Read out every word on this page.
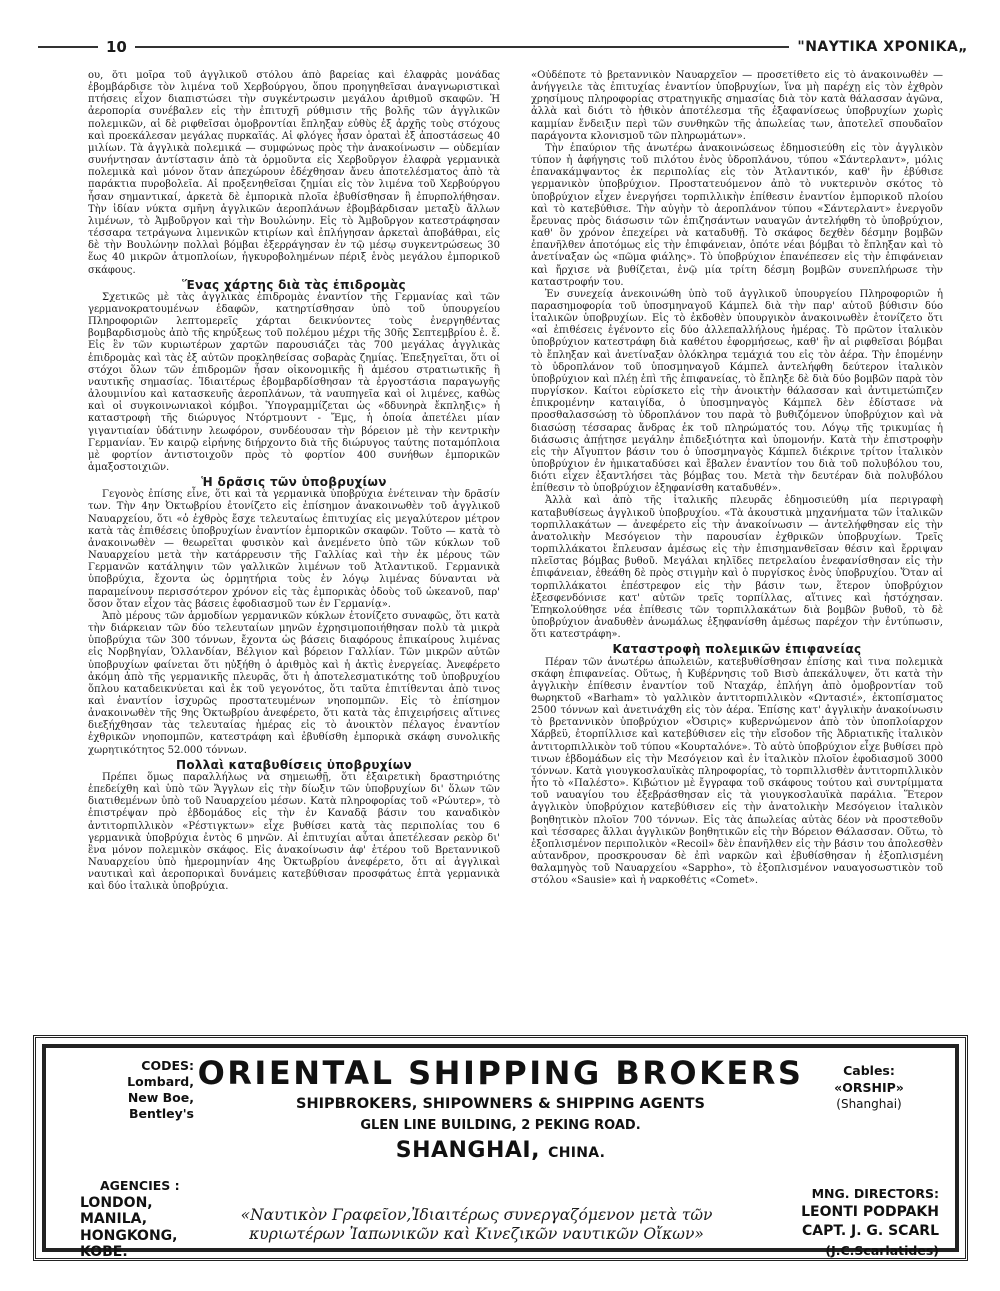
10	"ΝΑΥΤΙΚΑ ΧΡΟΝΙΚΑ„

ου, ὅτι μοῖρα τοῦ ἀγγλικοῦ στόλου ἀπὸ βαρείας καὶ ἐλαφρὰς μονάδας ἐβομβάρδισε τὸν λιμένα τοῦ Χερβούργου, ὅπου προηγηθεῖσαι ἀναγνωριστικαὶ πτήσεις εἶχον διαπιστώσει τὴν συγκέντρωσιν μεγάλου ἀριθμοῦ σκαφῶν. Ἡ ἀεροπορία συνέβαλεν εἰς τὴν ἐπιτυχῆ ρύθμισιν τῆς βολῆς τῶν ἀγγλικῶν πολεμικῶν, αἱ δὲ ριφθεῖσαι ὀμοβροντίαι ἔπληξαν εὐθὺς ἐξ ἀρχῆς τοὺς στόχους καὶ προεκάλεσαν μεγάλας πυρκαϊάς. Αἱ φλόγες ἦσαν ὁραταὶ ἐξ ἀποστάσεως 40 μιλίων. Τὰ ἀγγλικὰ πολεμικά — συμφώνως πρὸς τὴν ἀνακοίνωσιν — οὐδεμίαν συνήντησαν ἀντίστασιν ἀπὸ τὰ ὁρμοῦντα εἰς Χερβοῦργον ἐλαφρὰ γερμανικὰ πολεμικὰ καὶ μόνον ὅταν ἀπεχώρουν ἐδέχθησαν ἄνευ ἀποτελέσματος ἀπὸ τὰ παράκτια πυροβολεῖα. Αἱ προξενηθεῖσαι ζημίαι εἰς τὸν λιμένα τοῦ Χερβούργου ἦσαν σημαντικαί, ἀρκετὰ δὲ ἐμπορικὰ πλοῖα ἐβυθίσθησαν ἢ ἐπυρπολήθησαν. Τὴν ἰδίαν νύκτα σμῆνη ἀγγλικῶν ἀεροπλάνων ἐβομβάρδισαν μεταξὺ ἄλλων λιμένων, τὸ Ἀμβοῦργον καὶ τὴν Βουλώνην. Εἰς τὸ Ἀμβοῦργον κατεστράφησαν τέσσαρα τετράγωνα λιμενικῶν κτιρίων καὶ ἐπλήγησαν ἀρκεταὶ ἀποβάθραι, εἰς δὲ τὴν Βουλώνην πολλαὶ βόμβαι ἐξερράγησαν ἐν τῷ μέσῳ συγκεντρώσεως 30 ἕως 40 μικρῶν ἀτμοπλοίων, ἠγκυροβολημένων πέριξ ἑνὸς μεγάλου ἐμπορικοῦ σκάφους.

Ἕνας χάρτης διὰ τὰς ἐπιδρομὰς

Σχετικῶς μὲ τὰς ἀγγλικὰς ἐπιδρομὰς ἐναντίον τῆς Γερμανίας καὶ τῶν γερμανοκρατουμένων ἐδαφῶν, κατηρτίσθησαν ὑπὸ τοῦ ὑπουργείου Πληροφοριῶν λεπτομερεῖς χάρται δεικνύοντες τοὺς ἐνεργηθέντας βομβαρδισμοὺς ἀπὸ τῆς κηρύξεως τοῦ πολέμου μέχρι τῆς 30ῆς Σεπτεμβρίου ἐ. ἔ. Εἰς ἓν τῶν κυριωτέρων χαρτῶν παρουσιάζει τὰς 700 μεγάλας ἀγγλικὰς ἐπιδρομὰς καὶ τὰς ἐξ αὐτῶν προκληθείσας σοβαρὰς ζημίας. Ἐπεξηγεῖται, ὅτι οἱ στόχοι ὅλων τῶν ἐπιδρομῶν ἦσαν οἰκονομικῆς ἢ ἀμέσου στρατιωτικῆς ἢ ναυτικῆς σημασίας. Ἰδιαιτέρως ἐβομβαρδίσθησαν τὰ ἐργοστάσια παραγωγῆς ἀλουμινίου καὶ κατασκευῆς ἀεροπλάνων, τὰ ναυπηγεῖα καὶ οἱ λιμένες, καθὼς καὶ οἱ συγκοινωνιακοὶ κόμβοι. Ὑπογραμμίζεται ὡς «δδυνηρὰ ἔκπληξις» ἡ καταστροφὴ τῆς διώρυγος Ντόρτμουντ - Ἔμς, ἡ ὁποία ἀπετέλει μίαν γιγαντιαίαν ὑδάτινην λεωφόρον, συνδέουσαν τὴν βόρειον μὲ τὴν κεντρικὴν Γερμανίαν. Ἐν καιρῷ εἰρήνης διήρχοντο διὰ τῆς διώρυγος ταύτης ποταμόπλοια μὲ φορτίον ἀντιστοιχοῦν πρὸς τὸ φορτίον 400 συνήθων ἐμπορικῶν ἁμαξοστοιχιῶν.

Ἡ δρᾶσις τῶν ὑποβρυχίων

Γεγονὸς ἐπίσης εἶνε, ὅτι καὶ τὰ γερμανικὰ ὑποβρύχια ἐνέτειναν τὴν δρᾶσίν των. Τὴν 4ην Ὀκτωβρίου ἐτονίζετο εἰς ἐπίσημον ἀνακοινωθὲν τοῦ ἀγγλικοῦ Ναυαρχείου, ὅτι «ὁ ἐχθρὸς ἔσχε τελευταίως ἐπιτυχίας εἰς μεγαλύτερον μέτρον κατὰ τὰς ἐπιθέσεις ὑποβρυχίων ἐναντίον ἐμπορικῶν σκαφῶν. Τοῦτο — κατὰ τὸ ἀνακοινωθὲν — θεωρεῖται φυσικὸν καὶ ἀνεμένετο ὑπὸ τῶν κύκλων τοῦ Ναυαρχείου μετὰ τὴν κατάρρευσιν τῆς Γαλλίας καὶ τὴν ἐκ μέρους τῶν Γερμανῶν κατάληψιν τῶν γαλλικῶν λιμένων τοῦ Ἀτλαντικοῦ. Γερμανικὰ ὑποβρύχια, ἔχοντα ὡς ὁρμητήρια τοὺς ἐν λόγῳ λιμένας δύνανται νὰ παραμείνουν περισσότερον χρόνον εἰς τὰς ἐμπορικὰς ὁδοὺς τοῦ ὠκεανοῦ, παρ' ὅσον ὅταν εἶχον τὰς βάσεις ἐφοδιασμοῦ των ἐν Γερμανίᾳ».

Ἀπὸ μέρους τῶν ἁρμοδίων γερμανικῶν κύκλων ἐτονίζετο συναφῶς, ὅτι κατὰ τὴν διάρκειαν τῶν δύο τελευταίων μηνῶν ἐχρησιμοποιήθησαν πολὺ τὰ μικρὰ ὑποβρύχια τῶν 300 τόννων, ἔχοντα ὡς βάσεις διαφόρους ἐπικαίρους λιμένας εἰς Νορβηγίαν, Ὁλλανδίαν, Βέλγιον καὶ βόρειον Γαλλίαν. Τῶν μικρῶν αὐτῶν ὑποβρυχίων φαίνεται ὅτι ηὐξήθη ὁ ἀριθμὸς καὶ ἡ ἀκτὶς ἐνεργείας. Ἀνεφέρετο ἀκόμη ἀπὸ τῆς γερμανικῆς πλευρᾶς, ὅτι ἡ ἀποτελεσματικότης τοῦ ὑποβρυχίου ὅπλου καταδεικνύεται καὶ ἐκ τοῦ γεγονότος, ὅτι ταῦτα ἐπιτίθενται ἀπὸ τινος καὶ ἐναντίον ἰσχυρῶς προστατευμένων νηοπομπῶν. Εἰς τὸ ἐπίσημον ἀνακοινωθὲν τῆς 9ης Ὀκτωβρίου ἀνεφέρετο, ὅτι κατὰ τὰς ἐπιχειρήσεις αἵτινες διεξήχθησαν τὰς τελευταίας ἡμέρας εἰς τὸ ἀνοικτὸν πέλαγος ἐναντίον ἐχθρικῶν νηοπομπῶν, κατεστράφη καὶ ἐβυθίσθη ἐμπορικὰ σκάφη συνολικῆς χωρητικότητος 52.000 τόννων.

Πολλαὶ καταβυθίσεις ὑποβρυχίων

Πρέπει ὅμως παραλλήλως νὰ σημειωθῇ, ὅτι ἐξαιρετικὴ δραστηριότης ἐπεδείχθη καὶ ὑπὸ τῶν Ἄγγλων εἰς τὴν δίωξιν τῶν ὑποβρυχίων δι' ὅλων τῶν διατιθεμένων ὑπὸ τοῦ Ναυαρχείου μέσων. Κατὰ πληροφορίας τοῦ «Ρώυτερ», τὸ ἐπιστρέψαν πρὸ ἑβδομάδος εἰς τὴν ἐν Καναδᾷ βάσιν του καναδικὸν ἀντιτορπιλλικὸν «Ρέστιγκτων» εἶχε βυθίσει κατὰ τὰς περιπολίας του 6 γερμανικὰ ὑποβρύχια ἐντὸς 6 μηνῶν. Αἱ ἐπιτυχίαι αὗται ἀπετέλεσαν ρεκὸρ δι' ἓνα μόνον πολεμικὸν σκάφος. Εἰς ἀνακοίνωσιν ἀφ' ἑτέρου τοῦ Βρεταννικοῦ Ναυαρχείου ὑπὸ ἡμερομηνίαν 4ης Ὀκτωβρίου ἀνεφέρετο, ὅτι αἱ ἀγγλικαὶ ναυτικαὶ καὶ ἀεροπορικαὶ δυνάμεις κατεβύθισαν προσφάτως ἑπτὰ γερμανικὰ καὶ δύο ἰταλικὰ ὑποβρύχια.

«Οὐδέποτε τὸ βρεταννικὸν Ναυαρχεῖον — προσετίθετο εἰς τὸ ἀνακοινωθὲν — ἀνήγγειλε τὰς ἐπιτυχίας ἐναντίον ὑποβρυχίων, ἵνα μὴ παρέχῃ εἰς τὸν ἐχθρὸν χρησίμους πληροφορίας στρατηγικῆς σημασίας διὰ τὸν κατὰ θάλασσαν ἀγῶνα, ἀλλὰ καὶ διότι τὸ ἠθικὸν ἀποτέλεσμα τῆς ἐξαφανίσεως ὑποβρυχίων χωρὶς καμμίαν ἔνδειξιν περὶ τῶν συνθηκῶν τῆς ἀπωλείας των, ἀποτελεῖ σπουδαῖον παράγοντα κλονισμοῦ τῶν πληρωμάτων».

Τὴν ἐπαύριον τῆς ἀνωτέρω ἀνακοινώσεως ἐδημοσιεύθη εἰς τὸν ἀγγλικὸν τύπον ἡ ἀφήγησις τοῦ πιλότου ἑνὸς ὑδροπλάνου, τύπου «Σάντερλαντ», μόλις ἐπανακάμψαντος ἐκ περιπολίας εἰς τὸν Ἀτλαντικόν, καθ' ἣν ἐβύθισε γερμανικὸν ὑποβρύχιον. Προστατευόμενον ἀπὸ τὸ νυκτερινὸν σκότος τὸ ὑποβρύχιον εἶχεν ἐνεργήσει τορπιλλικὴν ἐπίθεσιν ἐναντίον ἐμπορικοῦ πλοίου καὶ τὸ κατεβύθισε. Τὴν αὐγὴν τὸ ἀεροπλάνον τύπου «Σάντερλαντ» ἐνεργοῦν ἔρευνας πρὸς διάσωσιν τῶν ἐπιζησάντων ναυαγῶν ἀντελήφθη τὸ ὑποβρύχιον, καθ' ὃν χρόνον ἐπεχείρει νὰ καταδυθῇ. Τὸ σκάφος δεχθὲν δέσμην βομβῶν ἐπανῆλθεν ἀποτόμως εἰς τὴν ἐπιφάνειαν, ὁπότε νέαι βόμβαι τὸ ἔπληξαν καὶ τὸ ἀνετίναξαν ὡς «πῶμα φιάλης». Τὸ ὑποβρύχιον ἐπανέπεσεν εἰς τὴν ἐπιφάνειαν καὶ ἤρχισε νὰ βυθίζεται, ἐνῷ μία τρίτη δέσμη βομβῶν συνεπλήρωσε τὴν καταστροφήν του.

Ἐν συνεχείᾳ ἀνεκοινώθη ὑπὸ τοῦ ἀγγλικοῦ ὑπουργείου Πληροφοριῶν ἡ παρασημοφορία τοῦ ὑποσμηναγοῦ Κάμπελ διὰ τὴν παρ' αὐτοῦ βύθισιν δύο ἰταλικῶν ὑποβρυχίων. Εἰς τὸ ἐκδοθὲν ὑπουργικὸν ἀνακοινωθὲν ἐτονίζετο ὅτι «αἱ ἐπιθέσεις ἐγένοντο εἰς δύο ἀλλεπαλλήλους ἡμέρας. Τὸ πρῶτον ἰταλικὸν ὑποβρύχιον κατεστράφη διὰ καθέτου ἐφορμήσεως, καθ' ἣν αἱ ριφθεῖσαι βόμβαι τὸ ἔπληξαν καὶ ἀνετίναξαν ὁλόκληρα τεμάχιά του εἰς τὸν ἀέρα. Τὴν ἑπομένην τὸ ὑδροπλάνον τοῦ ὑποσμηναγοῦ Κάμπελ ἀντελήφθη δεύτερον ἰταλικὸν ὑποβρύχιον καὶ πλέῃ ἐπὶ τῆς ἐπιφανείας, τὸ ἔπληξε δὲ διὰ δύο βομβῶν παρὰ τὸν πυργίσκον. Καίτοι εὑρίσκετο εἰς τὴν ἀνοικτὴν θάλασσαν καὶ ἀντιμετώπιζεν ἐπικρομένην καταιγίδα, ὁ ὑποσμηναγὸς Κάμπελ δὲν ἐδίστασε νὰ προσθαλασσώσῃ τὸ ὑδροπλάνον του παρὰ τὸ βυθιζόμενον ὑποβρύχιον καὶ νὰ διασώσῃ τέσσαρας ἄνδρας ἐκ τοῦ πληρώματός του. Λόγῳ τῆς τρικυμίας ἡ διάσωσις ἀπῄτησε μεγάλην ἐπιδεξιότητα καὶ ὑπομονήν. Κατὰ τὴν ἐπιστροφὴν εἰς τὴν Αἴγυπτον βάσιν του ὁ ὑποσμηναγὸς Κάμπελ διέκρινε τρίτον ἰταλικὸν ὑποβρύχιον ἐν ἡμικαταδύσει καὶ ἔβαλεν ἐναντίον του διὰ τοῦ πολυβόλου του, διότι εἶχεν ἐξαντλήσει τὰς βόμβας του. Μετὰ τὴν δευτέραν διὰ πολυβόλου ἐπίθεσιν τὸ ὑποβρύχιον ἐξηφανίσθη καταδυθέν».

Ἀλλὰ καὶ ἀπὸ τῆς ἰταλικῆς πλευρᾶς ἐδημοσιεύθη μία περιγραφὴ καταβυθίσεως ἀγγλικοῦ ὑποβρυχίου. «Τὰ ἀκουστικὰ μηχανήματα τῶν ἰταλικῶν τορπιλλακάτων — ἀνεφέρετο εἰς τὴν ἀνακοίνωσιν — ἀντελήφθησαν εἰς τὴν ἀνατολικὴν Μεσόγειον τὴν παρουσίαν ἐχθρικῶν ὑποβρυχίων. Τρεῖς τορπιλλάκατοι ἔπλευσαν ἀμέσως εἰς τὴν ἐπισημανθεῖσαν θέσιν καὶ ἔρριψαν πλεῖστας βόμβας βυθοῦ. Μεγάλαι κηλῖδες πετρελαίου ἐνεφανίσθησαν εἰς τὴν ἐπιφάνειαν, ἐθεάθη δὲ πρὸς στιγμὴν καὶ ὁ πυργίσκος ἑνὸς ὑποβρυχίου. Ὅταν αἱ τορπιλλάκατοι ἐπέστρεφον εἰς τὴν βάσιν των, ἕτερον ὑποβρύχιον ἐξεσφενδόνισε κατ' αὐτῶν τρεῖς τορπίλλας, αἵτινες καὶ ἠστόχησαν. Ἐπηκολούθησε νέα ἐπίθεσις τῶν τορπιλλακάτων διὰ βομβῶν βυθοῦ, τὸ δὲ ὑποβρύχιον ἀναδυθὲν ἀνωμάλως ἐξηφανίσθη ἀμέσως παρέχον τὴν ἐντύπωσιν, ὅτι κατεστράφη».

Καταστροφὴ πολεμικῶν ἐπιφανείας

Πέραν τῶν ἀνωτέρω ἀπωλειῶν, κατεβυθίσθησαν ἐπίσης καὶ τινα πολεμικὰ σκάφη ἐπιφανείας. Οὕτως, ἡ Κυβέρνησις τοῦ Βισὺ ἀπεκάλυψεν, ὅτι κατὰ τὴν ἀγγλικὴν ἐπίθεσιν ἐναντίον τοῦ Νταχάρ, ἐπλήγη ἀπὸ ὀμοβροντίαν τοῦ θωρηκτοῦ «Barham» τὸ γαλλικὸν ἀντιτορπιλλικὸν «Ωντασιέ», ἐκτοπίσματος 2500 τόννων καὶ ἀνετινάχθη εἰς τὸν ἀέρα. Ἐπίσης κατ' ἀγγλικὴν ἀνακοίνωσιν τὸ βρεταννικὸν ὑποβρύχιον «Ὀσιρις» κυβερνώμενον ἀπὸ τὸν ὑποπλοίαρχον Χάρβεϋ, ἐτορπίλλισε καὶ κατεβύθισεν εἰς τὴν εἴσοδον τῆς Ἀδριατικῆς ἰταλικὸν ἀντιτορπιλλικὸν τοῦ τύπου «Κουρταλόνε». Τὸ αὐτὸ ὑποβρύχιον εἶχε βυθίσει πρὸ τινων ἑβδομάδων εἰς τὴν Μεσόγειον καὶ ἐν ἰταλικὸν πλοῖον ἐφοδιασμοῦ 3000 τόννων. Κατὰ γιουγκοσλαυϊκὰς πληροφορίας, τὸ τορπιλλισθὲν ἀντιτορπιλλικὸν ἦτο τὸ «Παλέστο». Κιβώτιον μὲ ἔγγραφα τοῦ σκάφους τούτου καὶ συντρίμματα τοῦ ναυαγίου του ἐξεβράσθησαν εἰς τὰ γιουγκοσλαυϊκὰ παράλια. Ἕτερον ἀγγλικὸν ὑποβρύχιον κατεβύθισεν εἰς τὴν ἀνατολικὴν Μεσόγειον ἰταλικὸν βοηθητικὸν πλοῖον 700 τόννων. Εἰς τὰς ἀπωλείας αὐτὰς δέον νὰ προστεθοῦν καὶ τέσσαρες ἄλλαι ἀγγλικῶν βοηθητικῶν εἰς τὴν Βόρειον Θάλασσαν. Οὕτω, τὸ ἐξοπλισμένον περιπολικὸν «Recoil» δὲν ἐπανῆλθεν εἰς τὴν βάσιν του ἀπολεσθὲν αὐτανδρον, προσκρουσαν δὲ ἐπὶ ναρκῶν καὶ ἐβυθίσθησαν ἡ ἐξοπλισμένη θαλαμηγὸς τοῦ Ναυαρχείου «Sappho», τὸ ἐξοπλισμένον ναυαγοσωστικὸν τοῦ στόλου «Sausie» καὶ ἡ ναρκοθέτις «Comet».

CODES:
Lombard,
New Boe,
Bentley's
ORIENTAL SHIPPING BROKERS
SHIPBROKERS, SHIPOWNERS & SHIPPING AGENTS
GLEN LINE BUILDING, 2 PEKING ROAD.
SHANGHAI, CHINA.
Cables:
«ORSHIP»
(Shanghai)
AGENCIES :
LONDON,
MANILA,
HONGKONG,
KOBE.
«Ναυτικὸν Γραφεῖον,Ἰδιαιτέρως συνεργαζόμενον μετὰ τῶν
κυριωτέρων Ἰαπωνικῶν καὶ Κινεζικῶν ναυτικῶν Οἴκων»
MNG. DIRECTORS:
LEONTI PODPAKH
CAPT. J. G. SCARL
(J.C.Scarlatides)
